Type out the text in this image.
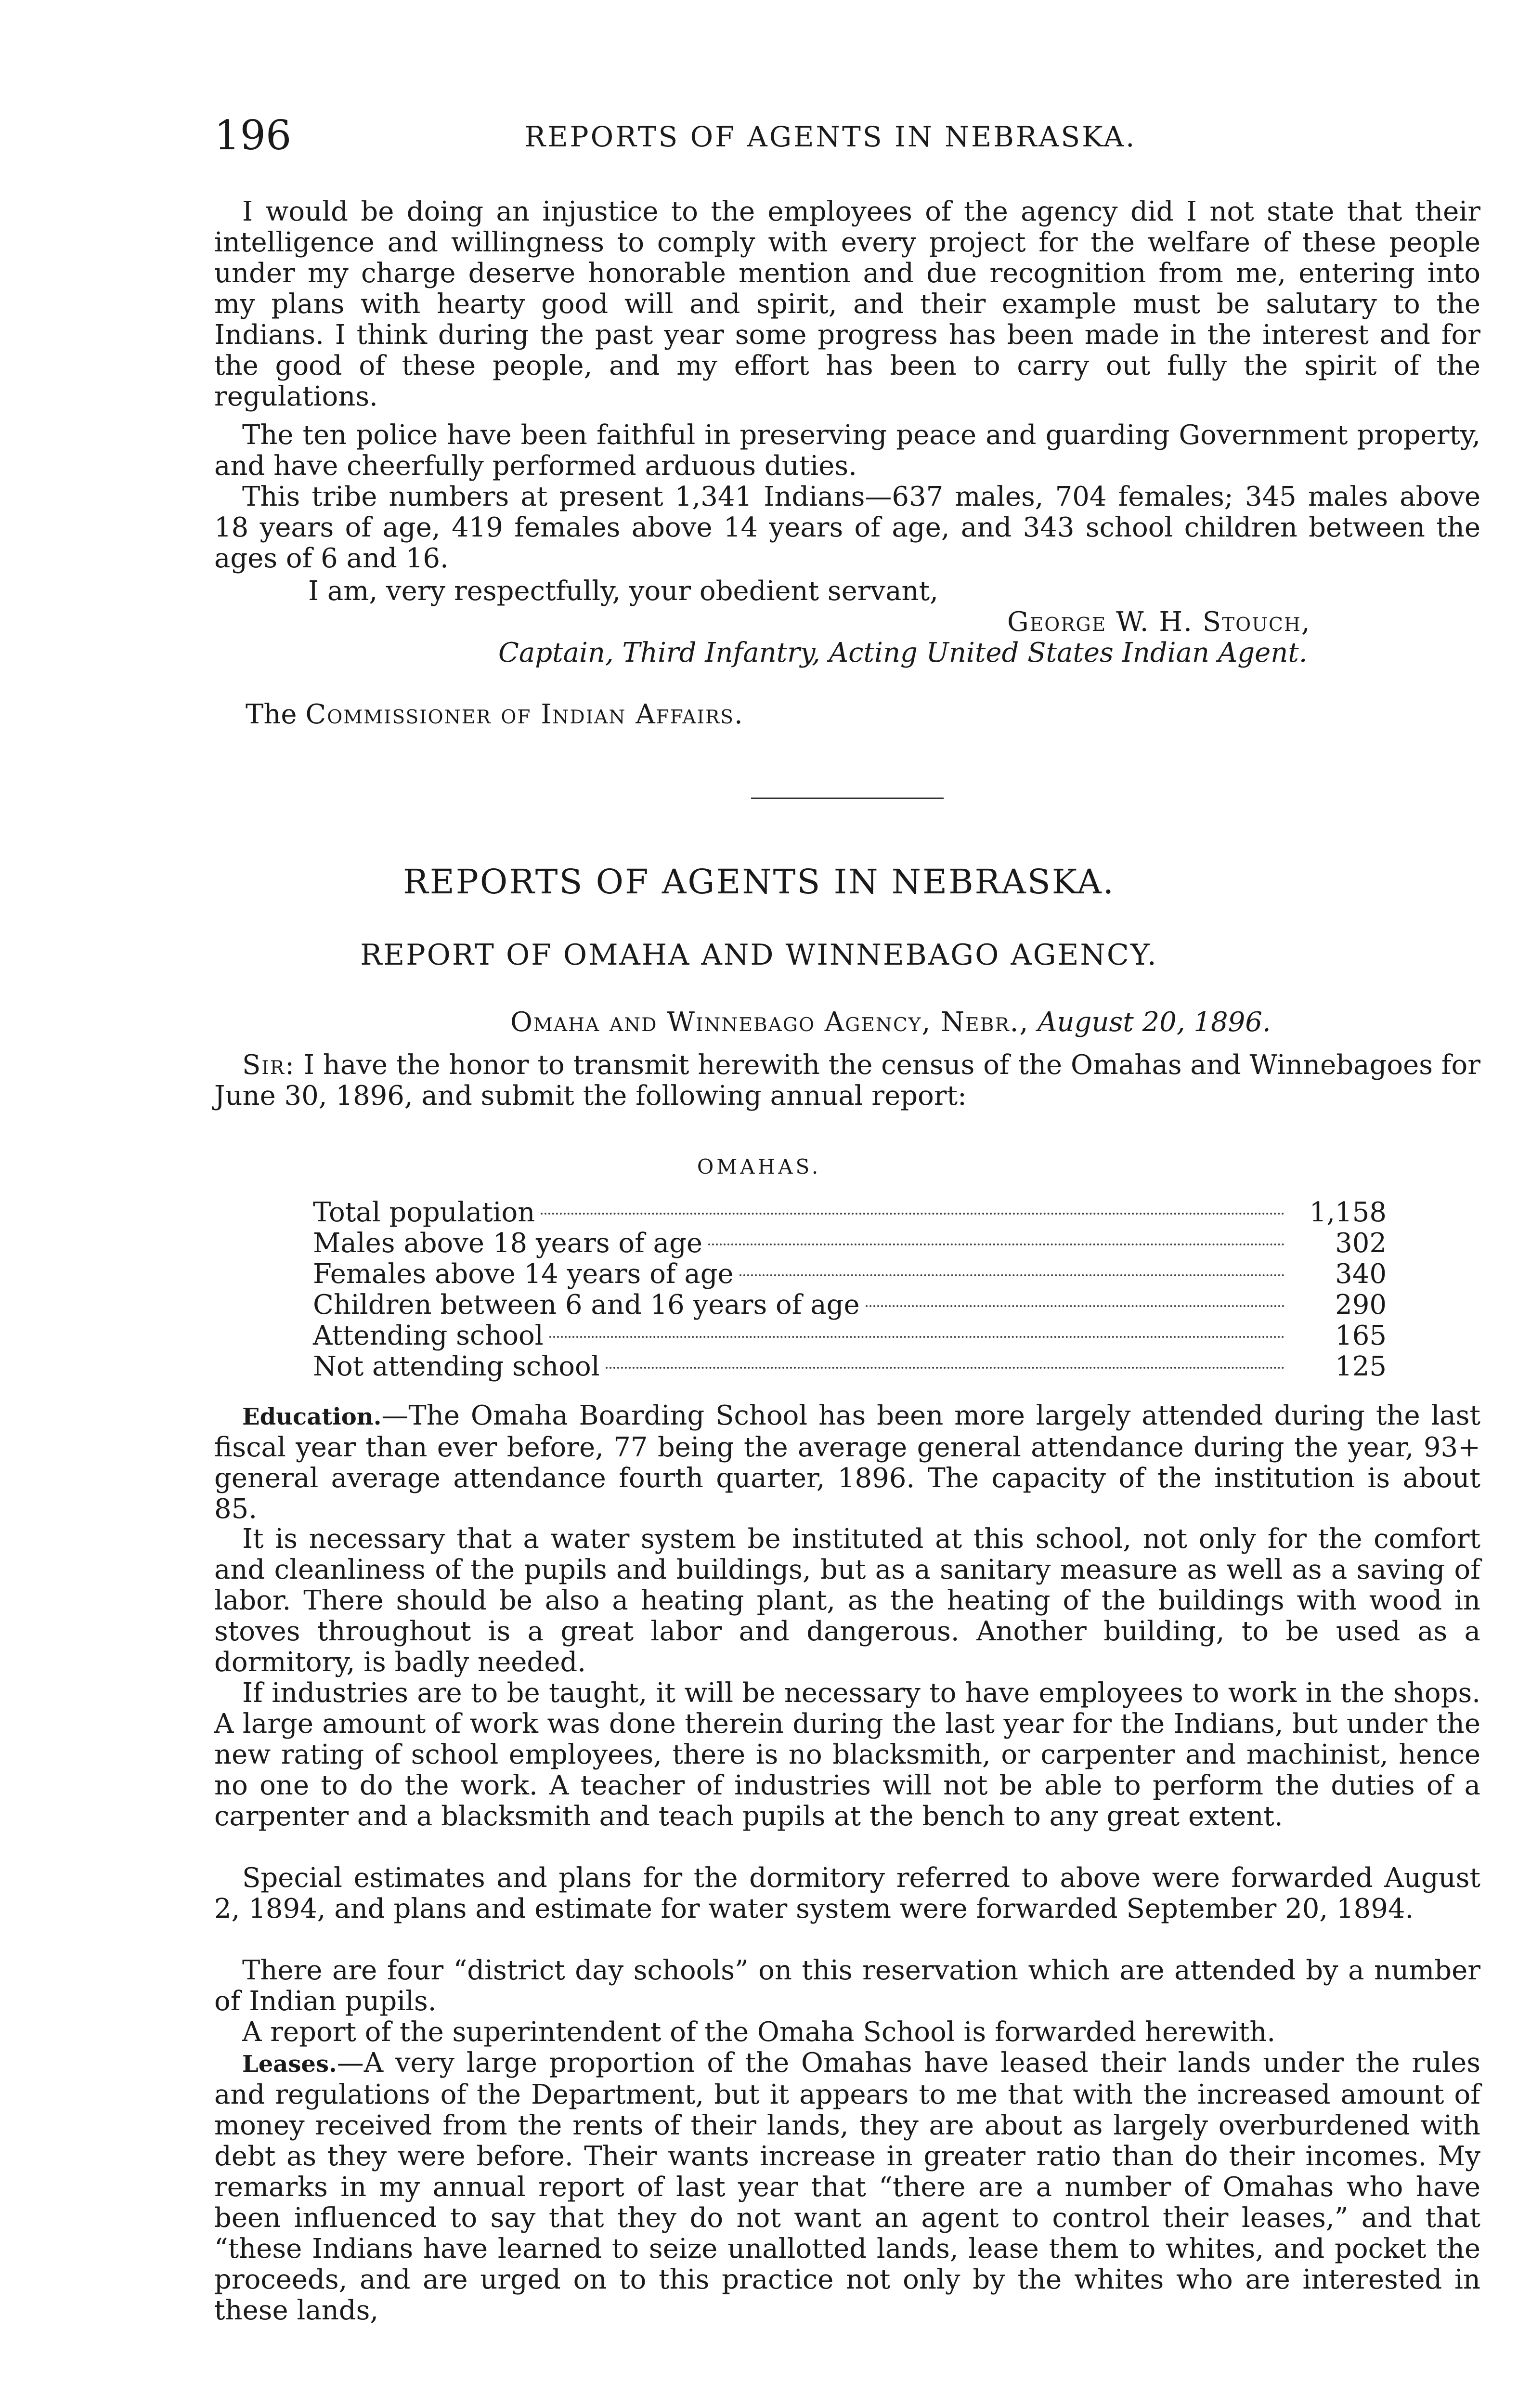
196	REPORTS OF AGENTS IN NEBRASKA.

I would be doing an injustice to the employees of the agency did I not state that their intelligence and willingness to comply with every project for the welfare of these people under my charge deserve honorable mention and due recognition from me, entering into my plans with hearty good will and spirit, and their example must be salutary to the Indians. I think during the past year some progress has been made in the interest and for the good of these people, and my effort has been to carry out fully the spirit of the regulations.

The ten police have been faithful in preserving peace and guarding Government property, and have cheerfully performed arduous duties.

This tribe numbers at present 1,341 Indians—637 males, 704 females; 345 males above 18 years of age, 419 females above 14 years of age, and 343 school children between the ages of 6 and 16.

I am, very respectfully, your obedient servant,
George W. H. Stouch,
Captain, Third Infantry, Acting United States Indian Agent.
The Commissioner of Indian Affairs.
REPORTS OF AGENTS IN NEBRASKA.
REPORT OF OMAHA AND WINNEBAGO AGENCY.
Omaha and Winnebago Agency, Nebr., August 20, 1896.

Sir: I have the honor to transmit herewith the census of the Omahas and Winnebagoes for June 30, 1896, and submit the following annual report:

OMAHAS.
Total population	1,158
Males above 18 years of age	302
Females above 14 years of age	340
Children between 6 and 16 years of age	290
Attending school	165
Not attending school	125

Education.—The Omaha Boarding School has been more largely attended during the last fiscal year than ever before, 77 being the average general attendance during the year, 93+ general average attendance fourth quarter, 1896. The capacity of the institution is about 85.

It is necessary that a water system be instituted at this school, not only for the comfort and cleanliness of the pupils and buildings, but as a sanitary measure as well as a saving of labor. There should be also a heating plant, as the heating of the buildings with wood in stoves throughout is a great labor and dangerous. Another building, to be used as a dormitory, is badly needed.

If industries are to be taught, it will be necessary to have employees to work in the shops. A large amount of work was done therein during the last year for the Indians, but under the new rating of school employees, there is no blacksmith, or carpenter and machinist, hence no one to do the work. A teacher of industries will not be able to perform the duties of a carpenter and a blacksmith and teach pupils at the bench to any great extent.

Special estimates and plans for the dormitory referred to above were forwarded August 2, 1894, and plans and estimate for water system were forwarded September 20, 1894.

There are four “district day schools” on this reservation which are attended by a number of Indian pupils.

A report of the superintendent of the Omaha School is forwarded herewith.

Leases.—A very large proportion of the Omahas have leased their lands under the rules and regulations of the Department, but it appears to me that with the increased amount of money received from the rents of their lands, they are about as largely overburdened with debt as they were before. Their wants increase in greater ratio than do their incomes. My remarks in my annual report of last year that “there are a number of Omahas who have been influenced to say that they do not want an agent to control their leases,” and that “these Indians have learned to seize unallotted lands, lease them to whites, and pocket the proceeds, and are urged on to this practice not only by the whites who are interested in these lands,
